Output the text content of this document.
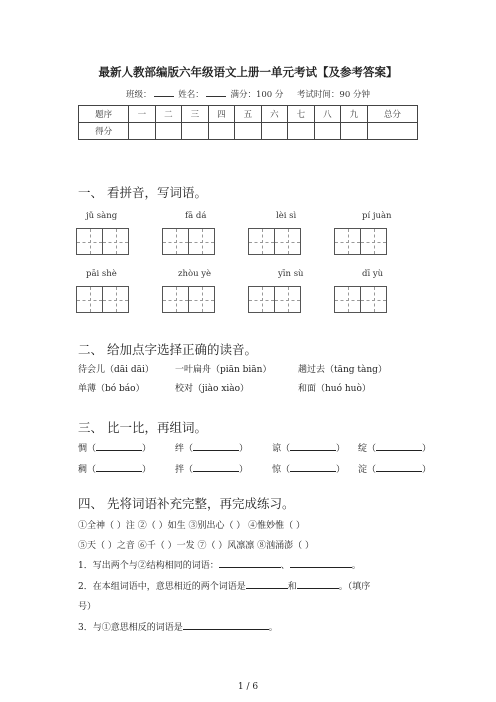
最新人教部编版六年级语文上册一单元考试【及参考答案】
班级：	姓名：	满分：100 分 考试时间：90 分钟
题序	一	二	三	四	五	六	七	八	九	总分
得分										
一、 看拼音，写词语。
jǔ sàng	fā dá	lèi sì	pí juàn
pāi shè	zhòu yè	yīn sù	dī yù
二、 给加点字选择正确的读音。
待会儿（dāi dāi） 一叶扁舟（piān biān）	趟过去（tāng tàng）
单薄（bó báo）	校对（jiào xiào）	和面（huó huò）
三、 比一比，再组词。
惆（	）	绊（	）	谅（	） 绽（	）
稠（	）	拌（	）	惊（	） 淀（	）
四、 先将词语补充完整，再完成练习。
①全神（ ）注 ②（ ）如生 ③别出心（ ） ④惟妙惟（ ）
⑤天（ ）之音 ⑥千（ ）一发 ⑦（ ）风凛凛 ⑧汹涌澎（ ）
1．写出两个与②结构相同的词语：	、	。
2．在本组词语中，意思相近的两个词语是	和	。（填序
号）
3．与①意思相反的词语是	。
1 / 6
